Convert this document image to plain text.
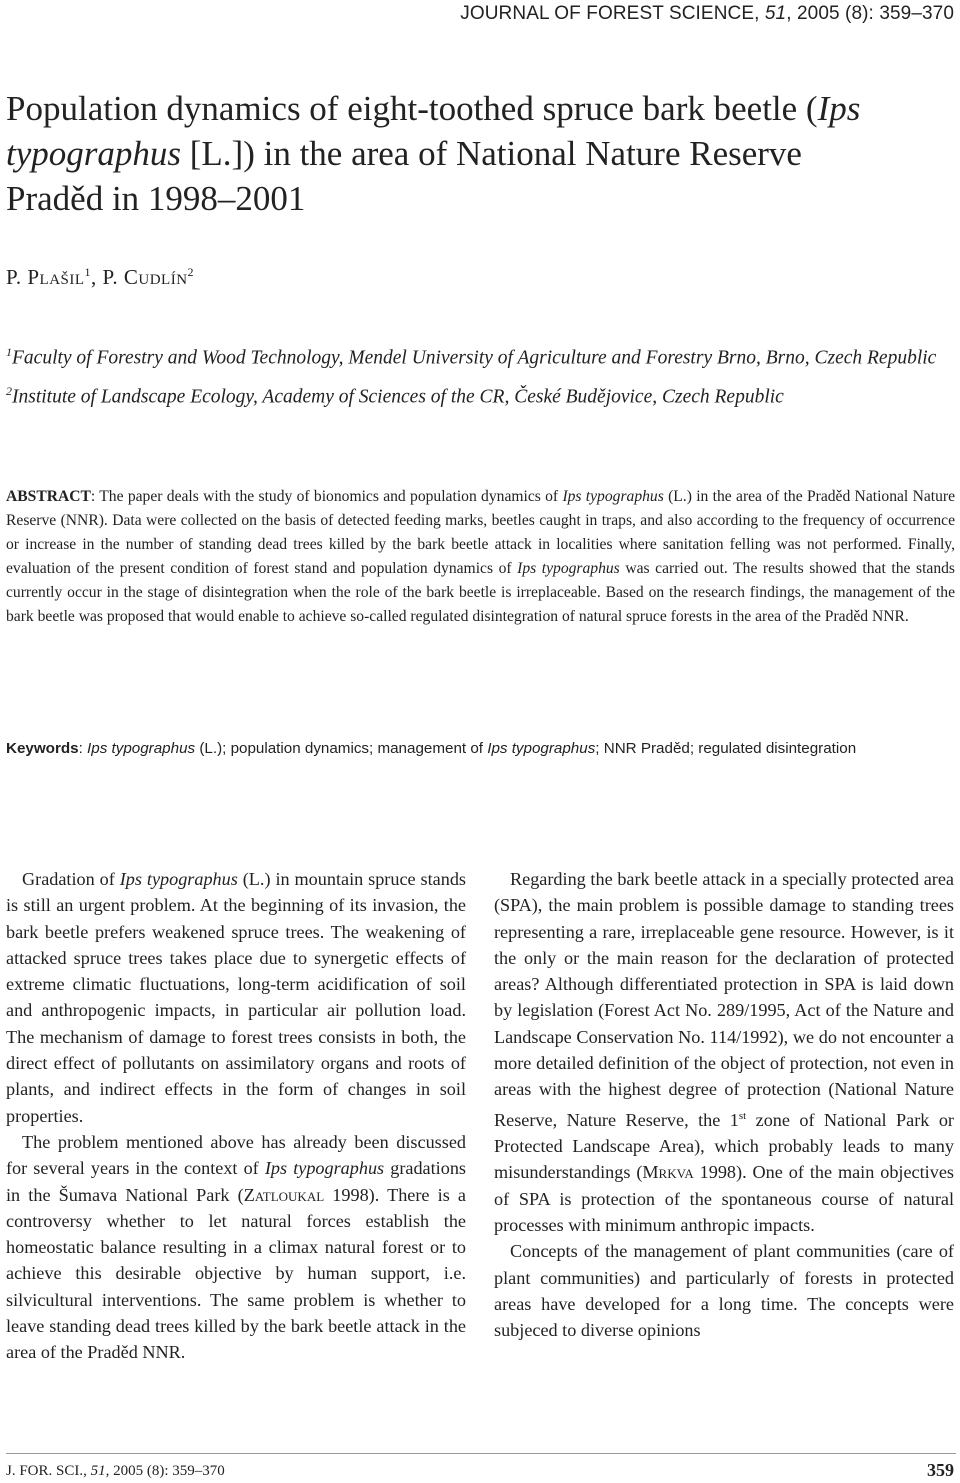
JOURNAL OF FOREST SCIENCE, 51, 2005 (8): 359–370
Population dynamics of eight-toothed spruce bark beetle (Ips typographus [L.]) in the area of National Nature Reserve Praděd in 1998–2001
P. Plašil$^1$, P. Cudlín$^2$
$^1$Faculty of Forestry and Wood Technology, Mendel University of Agriculture and Forestry Brno, Brno, Czech Republic
$^2$Institute of Landscape Ecology, Academy of Sciences of the CR, České Budějovice, Czech Republic
ABSTRACT: The paper deals with the study of bionomics and population dynamics of Ips typographus (L.) in the area of the Praděd National Nature Reserve (NNR). Data were collected on the basis of detected feeding marks, beetles caught in traps, and also according to the frequency of occurrence or increase in the number of standing dead trees killed by the bark beetle attack in localities where sanitation felling was not performed. Finally, evaluation of the present condition of forest stand and population dynamics of Ips typographus was carried out. The results showed that the stands currently occur in the stage of disintegration when the role of the bark beetle is irreplaceable. Based on the research findings, the management of the bark beetle was proposed that would enable to achieve so-called regulated disintegration of natural spruce forests in the area of the Praděd NNR.
Keywords: Ips typographus (L.); population dynamics; management of Ips typographus; NNR Praděd; regulated disintegration

Gradation of Ips typographus (L.) in mountain spruce stands is still an urgent problem. At the beginning of its invasion, the bark beetle prefers weakened spruce trees. The weakening of attacked spruce trees takes place due to synergetic effects of extreme climatic fluctuations, long-term acidification of soil and anthropogenic impacts, in particular air pollution load. The mechanism of damage to forest trees consists in both, the direct effect of pollutants on assimilatory organs and roots of plants, and indirect effects in the form of changes in soil properties.

The problem mentioned above has already been discussed for several years in the context of Ips typographus gradations in the Šumava National Park (Zatloukal 1998). There is a controversy whether to let natural forces establish the homeostatic balance resulting in a climax natural forest or to achieve this desirable objective by human support, i.e. silvicultural interventions. The same problem is whether to leave standing dead trees killed by the bark beetle attack in the area of the Praděd NNR.

Regarding the bark beetle attack in a specially protected area (SPA), the main problem is possible damage to standing trees representing a rare, irreplaceable gene resource. However, is it the only or the main reason for the declaration of protected areas? Although differentiated protection in SPA is laid down by legislation (Forest Act No. 289/1995, Act of the Nature and Landscape Conservation No. 114/1992), we do not encounter a more detailed definition of the object of protection, not even in areas with the highest degree of protection (National Nature Reserve, Nature Reserve, the 1st zone of National Park or Protected Landscape Area), which probably leads to many misunderstandings (Mrkva 1998). One of the main objectives of SPA is protection of the spontaneous course of natural processes with minimum anthropic impacts.

Concepts of the management of plant communities (care of plant communities) and particularly of forests in protected areas have developed for a long time. The concepts were subjeced to diverse opinions

J. FOR. SCI., 51, 2005 (8): 359–370	359
